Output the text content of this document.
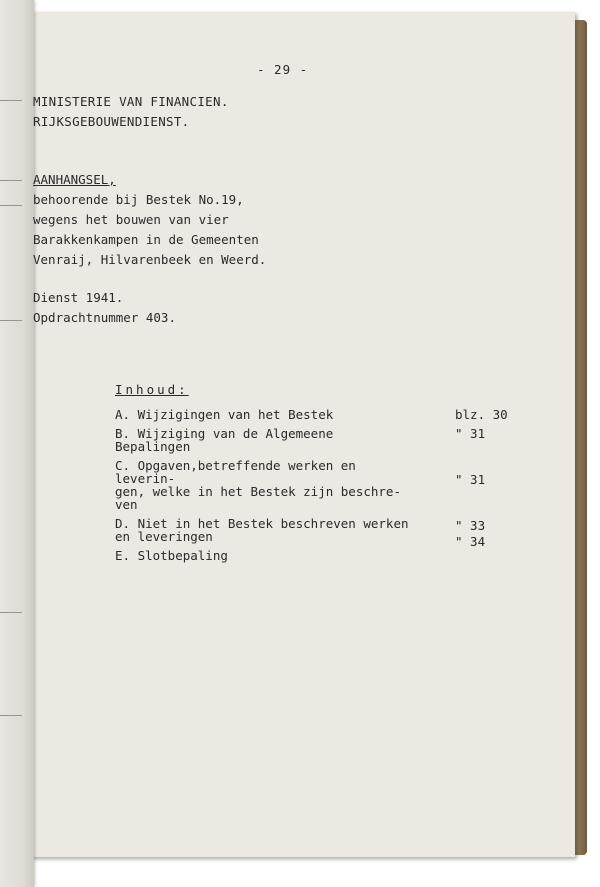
- 29 -
MINISTERIE VAN FINANCIEN.
RIJKSGEBOUWENDIENST.
AANHANGSEL,
behoorende bij Bestek No.19,
wegens het bouwen van vier
Barakkenkampen in de Gemeenten
Venraij, Hilvarenbeek en Weerd.
Dienst 1941.
Opdrachtnummer 403.
Inhoud:
A. Wijzigingen van het Bestek	blz. 30
B. Wijziging van de Algemeene Bepalingen
" 31
C. Opgaven,betreffende werken en leverin-
gen, welke in het Bestek zijn beschre-
ven
" 31
D. Niet in het Bestek beschreven werken
en leveringen
" 33
E. Slotbepaling
" 34
